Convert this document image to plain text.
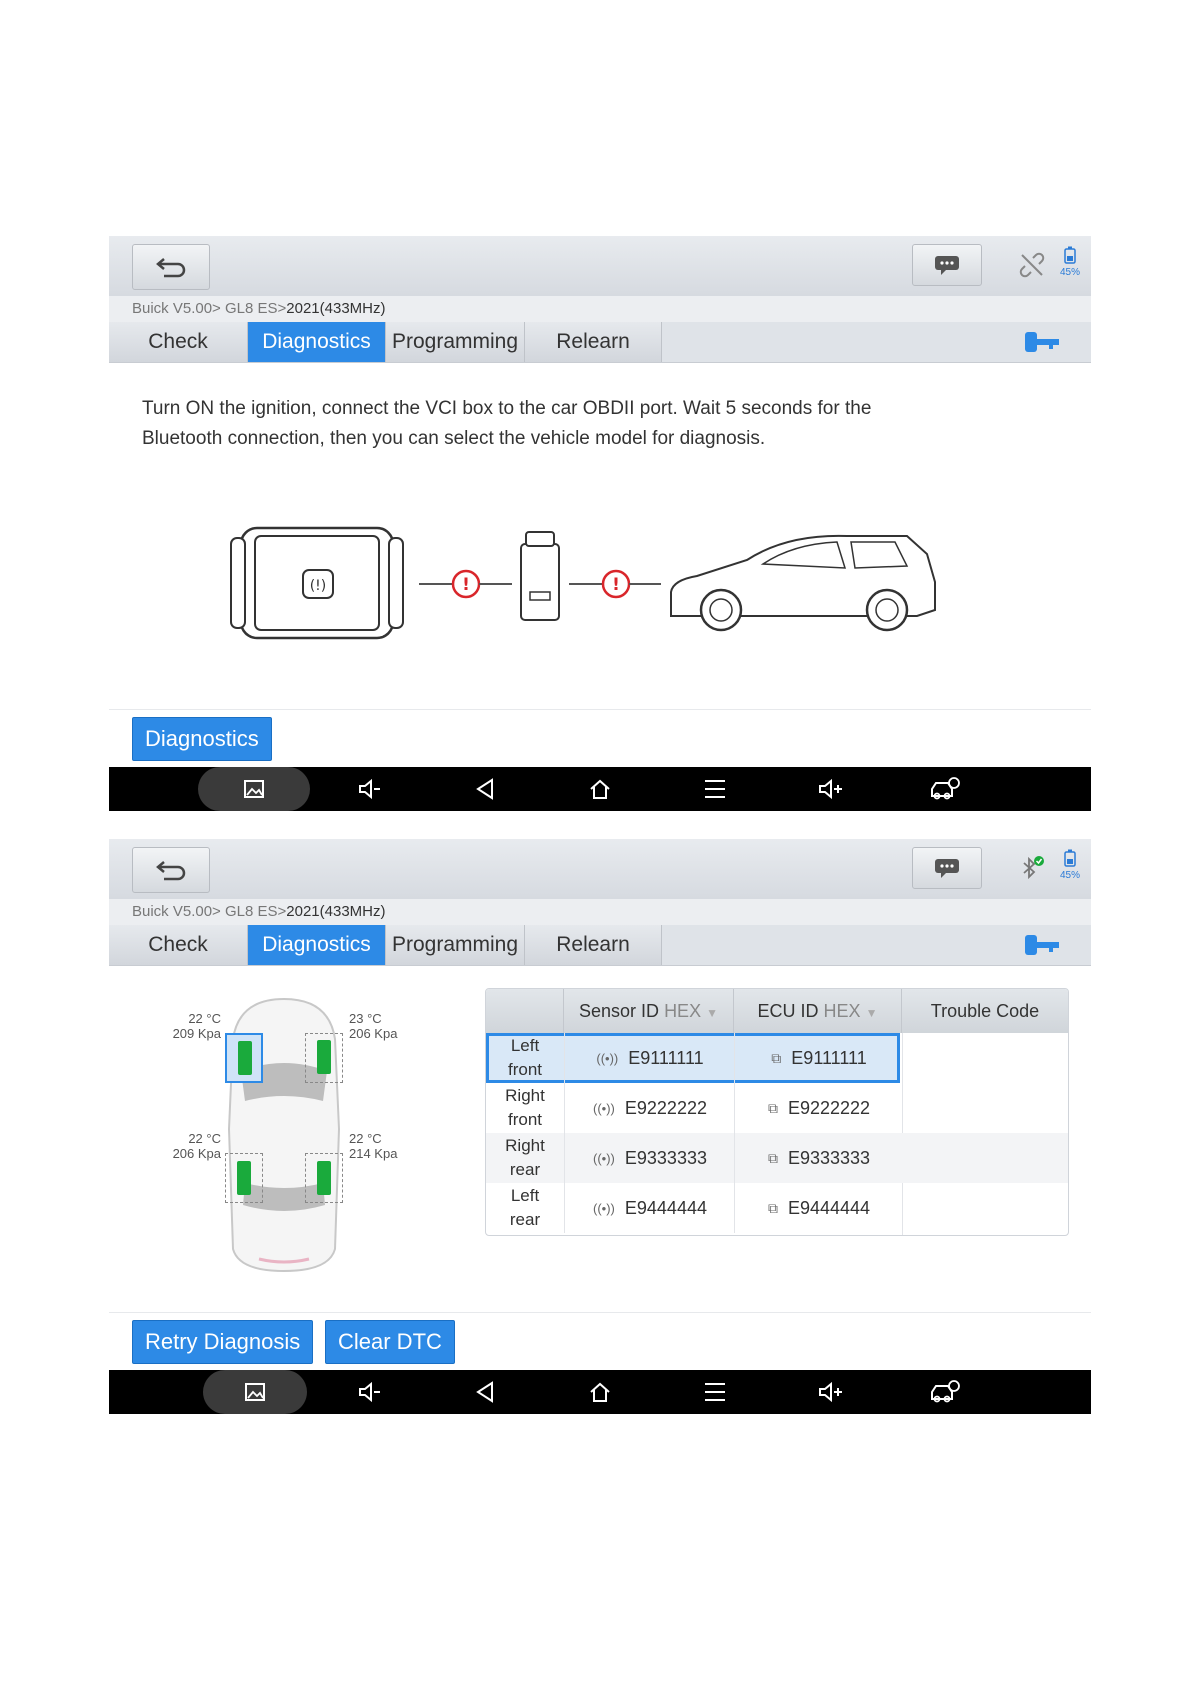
45%
Buick V5.00> GL8 ES>2021(433MHz)
Check	Diagnostics	Programming	Relearn
Turn ON the ignition, connect the VCI box to the car OBDII port. Wait 5 seconds for the Bluetooth connection, then you can select the vehicle model for diagnosis.
(!)	!	!
Diagnostics
45%
Buick V5.00> GL8 ES>2021(433MHz)
Check	Diagnostics	Programming	Relearn
22 °C
209 Kpa
23 °C
206 Kpa
22 °C
206 Kpa
22 °C
214 Kpa
Sensor ID HEX ▼	ECU ID HEX ▼	Trouble Code
Left
front
((•)) E9111111	⧉ E9111111
Right
front
((•)) E9222222	⧉ E9222222
Right
rear
((•)) E9333333	⧉ E9333333
Left
rear
((•)) E9444444	⧉ E9444444
Retry Diagnosis	Clear DTC
